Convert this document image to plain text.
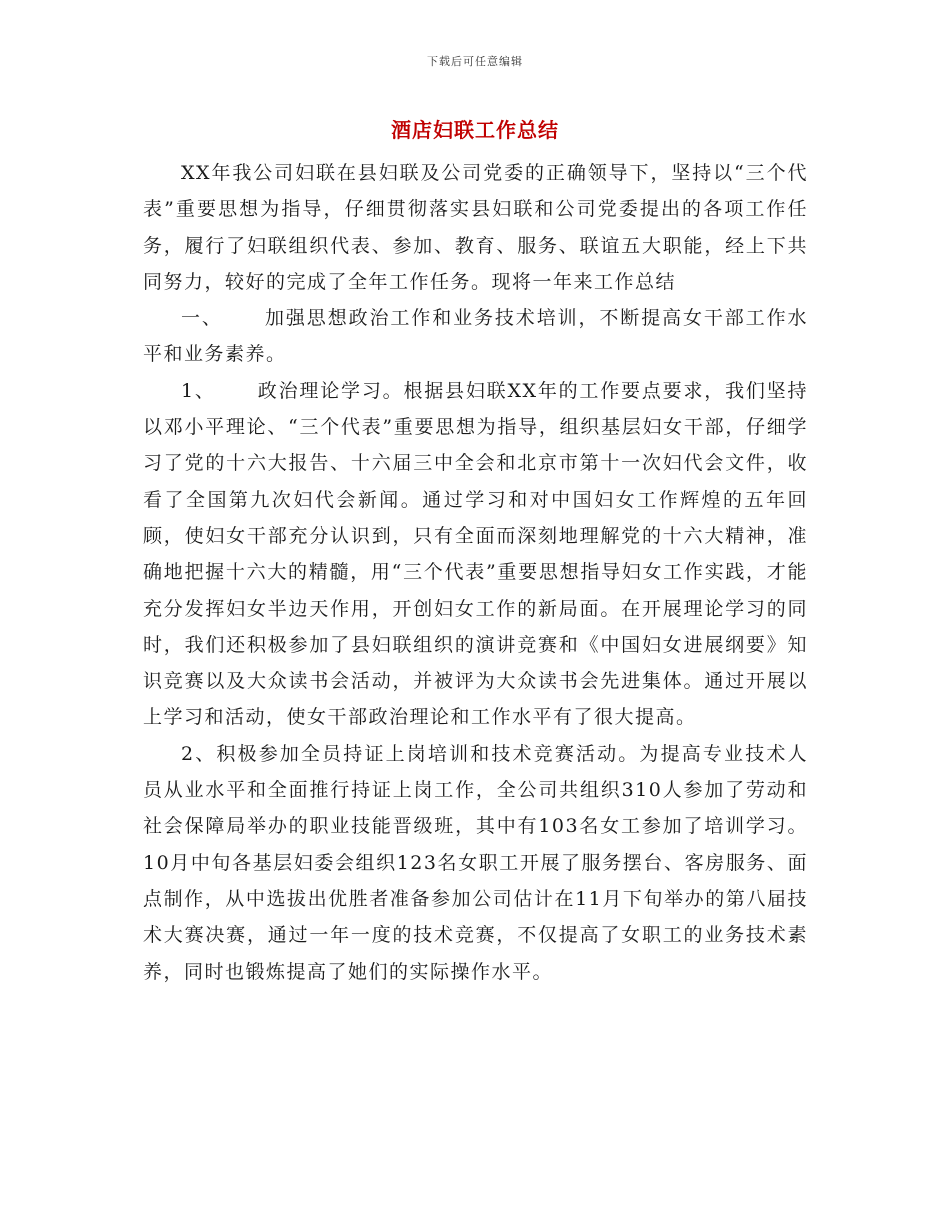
下载后可任意编辑
酒店妇联工作总结

XX年我公司妇联在县妇联及公司党委的正确领导下，坚持以“三个代表”重要思想为指导，仔细贯彻落实县妇联和公司党委提出的各项工作任务，履行了妇联组织代表、参加、教育、服务、联谊五大职能，经上下共同努力，较好的完成了全年工作任务。现将一年来工作总结

一、 加强思想政治工作和业务技术培训，不断提高女干部工作水平和业务素养。

1、 政治理论学习。根据县妇联XX年的工作要点要求，我们坚持以邓小平理论、“三个代表”重要思想为指导，组织基层妇女干部，仔细学习了党的十六大报告、十六届三中全会和北京市第十一次妇代会文件，收看了全国第九次妇代会新闻。通过学习和对中国妇女工作辉煌的五年回顾，使妇女干部充分认识到，只有全面而深刻地理解党的十六大精神，准确地把握十六大的精髓，用“三个代表”重要思想指导妇女工作实践，才能充分发挥妇女半边天作用，开创妇女工作的新局面。在开展理论学习的同时，我们还积极参加了县妇联组织的演讲竞赛和《中国妇女进展纲要》知识竞赛以及大众读书会活动，并被评为大众读书会先进集体。通过开展以上学习和活动，使女干部政治理论和工作水平有了很大提高。

2、积极参加全员持证上岗培训和技术竞赛活动。为提高专业技术人员从业水平和全面推行持证上岗工作，全公司共组织310人参加了劳动和社会保障局举办的职业技能晋级班，其中有103名女工参加了培训学习。10月中旬各基层妇委会组织123名女职工开展了服务摆台、客房服务、面点制作，从中选拔出优胜者准备参加公司估计在11月下旬举办的第八届技术大赛决赛，通过一年一度的技术竞赛，不仅提高了女职工的业务技术素养，同时也锻炼提高了她们的实际操作水平。
